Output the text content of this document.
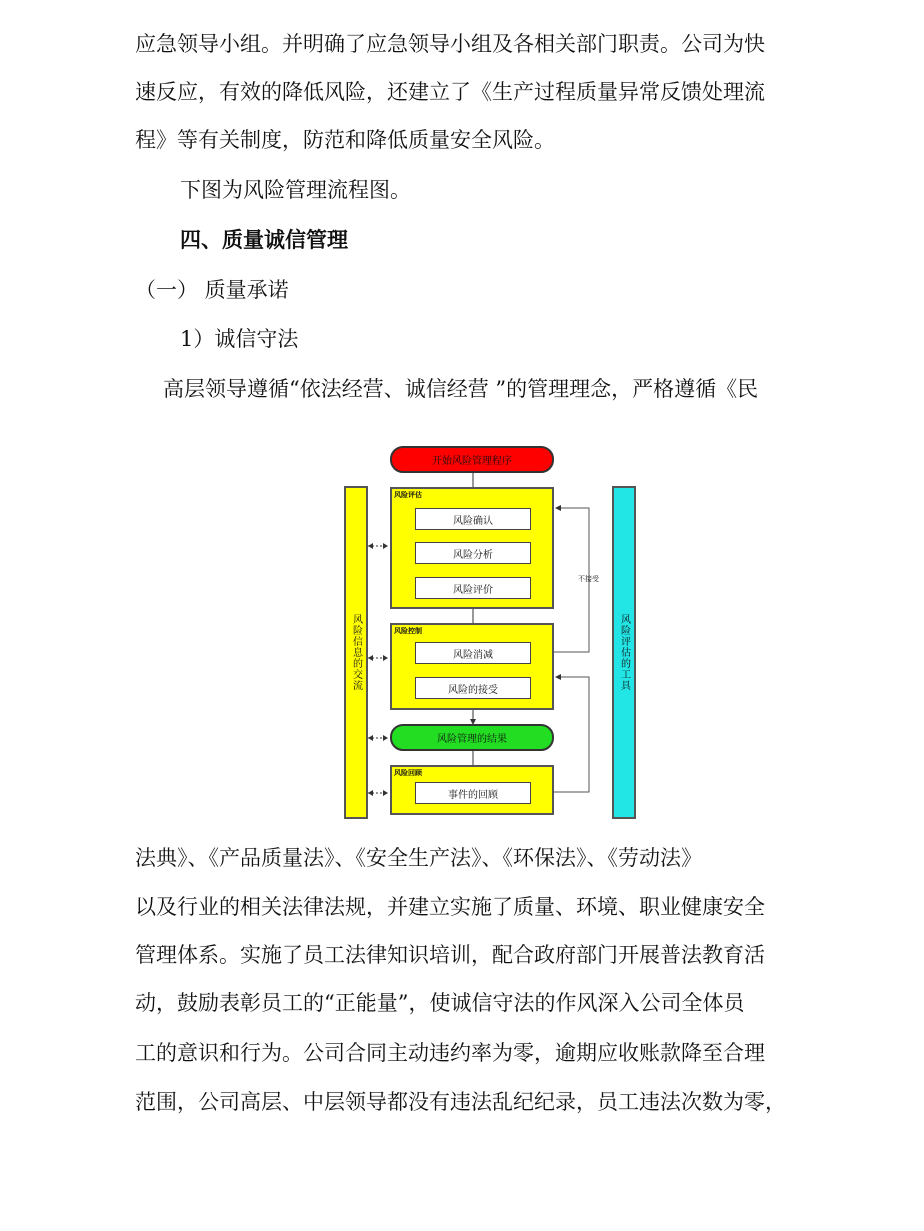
应急领导小组。并明确了应急领导小组及各相关部门职责。公司为快
速反应，有效的降低风险，还建立了《生产过程质量异常反馈处理流
程》等有关制度，防范和降低质量安全风险。
下图为风险管理流程图。
四、质量诚信管理
（一） 质量承诺
1）诚信守法
高层领导遵循“依法经营、诚信经营 ”的管理理念，严格遵循《民
开始风险管理程序
风险评估
风险确认
风险分析
风险评价
风险控制
风险消减
风险的接受
风险管理的结果
风险回顾
事件的回顾
风险信息的交流	风险评估的工具
不接受
法典》、《产品质量法》、《安全生产法》、《环保法》、《劳动法》
以及行业的相关法律法规，并建立实施了质量、环境、职业健康安全
管理体系。实施了员工法律知识培训，配合政府部门开展普法教育活
动，鼓励表彰员工的“正能量”，使诚信守法的作风深入公司全体员
工的意识和行为。公司合同主动违约率为零，逾期应收账款降至合理
范围，公司高层、中层领导都没有违法乱纪纪录，员工违法次数为零，
